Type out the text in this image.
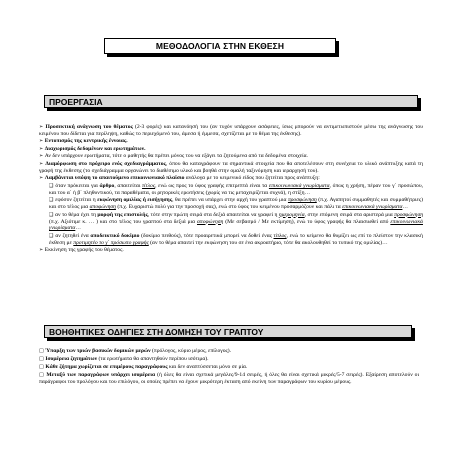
ΜΕΘΟΔΟΛΟΓΙΑ ΣΤΗΝ ΕΚΘΕΣΗ
ΠΡΟΕΡΓΑΣΙΑ

➢ Προσεκτική ανάγνωση του θέματος (2-3 φορές) και κατανόησή του (αν τυχόν υπάρχουν ασάφειες, ίσως μπορούν να αντιμετωπιστούν μέσω της ανάγνωσης του κειμένου που δίδεται για περίληψη, καθώς το περιεχόμενό του, άμεσα ή έμμεσα, σχετίζεται με το θέμα της έκθεσης).

➢ Εντοπισμός της κεντρικής έννοιας.

➢ Διαχωρισμός δεδομένων και ερωτημάτων.

➢ Αν δεν υπάρχουν ερωτήματα, τότε ο μαθητής θα πρέπει μόνος του να εξάγει τα ζητούμενα από τα δεδομένα στοιχεία.

➢ Διαμόρφωση στο πρόχειρο ενός σχεδιαγράμματος, όπου θα καταγράφουν τα σημαντικά στοιχεία που θα αποτελέσουν στη συνέχεια το υλικό ανάπτυξης κατά τη γραφή της έκθεσης (το σχεδιάγραμμα οργανώνει το διαθέσιμο υλικό και βοηθά στην ομαλή ταξινόμηση και ιεραρχησή του).

➢ Λαμβάνεται υπόψη το απαιτούμενο επικοινωνιακό πλαίσιο ανάλογα με το κειμενικό είδος που ζητείται προς ανάπτυξη:

❑ όταν πρόκειται για άρθρο, απαιτείται τίτλος, ενώ ως προς το ύφος γραφής επιτρεπτά είναι τα επικοινωνιακά γνωρίσματα, όπως η χρήση, πέραν του γ΄ προσώπου, και του α΄ ή β΄ πληθυντικού, τα παραθέματα, οι ρητορικές ερωτήσεις (χωρίς να τις μεταχειρίζεται συχνά), η στίξη…

❑ εφόσον ζητείται η εκφώνηση ομιλίας ή εισήγησης, θα πρέπει να υπάρχει στην αρχή του γραπτού μια προσφώνηση (π.χ. Αγαπητοί συμμαθητές και συμμαθήτριες) και στο τέλος μια αποφώνηση (π.χ. Ευχαριστώ πολύ για την προσοχή σας), ενώ στο ύφος του κειμένου προσαρμόζουν και πάλι τα επικοινωνιακά γνωρίσματα…

❑ αν το θέμα έχει τη μορφή της επιστολής, τότε στην πρώτη σειρά στα δεξιά απαιτείται να γραφεί η ημερομηνία, στην επόμενη σειρά στα αριστερά μια προσφώνηση (π.χ. Αξιότιμε κ. … ) και στο τέλος του γραπτού στα δεξιά μια αποφώνηση (Με σεβασμό / Με εκτίμηση), ενώ το ύφος γραφής θα πλαισιωθεί από επικοινωνιακά γνωρίσματα…

❑ αν ζητηθεί ένα αποδεικτικό δοκίμιο (δοκίμιο πειθούς), τότε προαιρετικά μπορεί να δοθεί ένας τίτλος, ενώ το κείμενο θα θυμίζει ως επί το πλείστον την κλασική έκθεση με προτιμητέο το γ΄ πρόσωπο γραφής (αν το θέμα απαιτεί την εκφώνηση του σε ένα ακροατήριο, τότε θα ακολουθηθεί το τυπικό της ομιλίας)…

➢ Εκκίνηση της γραφής του θέματος.

ΒΟΗΘΗΤΙΚΕΣ ΟΔΗΓΙΕΣ ΣΤΗ ΔΟΜΗΣΗ ΤΟΥ ΓΡΑΠΤΟΥ

□ Ύπαρξη των τριών βασικών δομικών μερών (πρόλογος, κύριο μέρος, επίλογος).

□ Ισομέρεια ζητημάτων (τα ερωτήματα θα απαντηθούν περίπου ισότιμα).

□ Κάθε ζήτημα χωρίζεται σε επιμέρους παραγράφους και δεν αναπτύσσεται μόνο σε μία.

□ Μεταξύ των παραγράφων υπάρχει ισομέρεια (ή όλες θα είναι σχετικά μεγάλες/9-14 σειρές, ή όλες θα είναι σχετικά μικρές/5-7 σειρές). Εξαίρεση αποτελούν οι παράγραφοι του προλόγου και του επιλόγου, οι οποίες πρέπει να έχουν μικρότερη έκταση από εκείνη των παραγράφων του κυρίου μέρους.
